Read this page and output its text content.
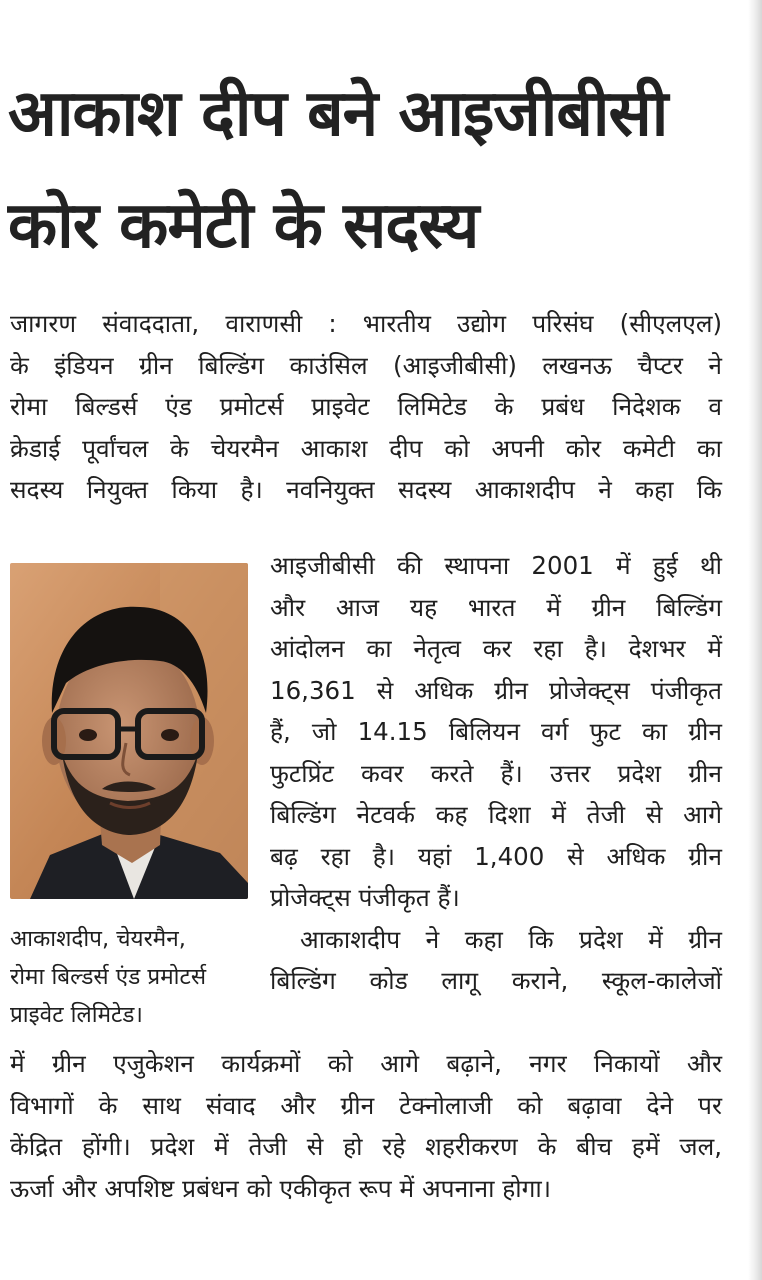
आकाश दीप बने आइजीबीसी
कोर कमेटी के सदस्य
जागरण संवाददाता, वाराणसी : भारतीय उद्योग परिसंघ (सीएलएल)
के इंडियन ग्रीन बिल्डिंग काउंसिल (आइजीबीसी) लखनऊ चैप्टर ने
रोमा बिल्डर्स एंड प्रमोटर्स प्राइवेट लिमिटेड के प्रबंध निदेशक व
क्रेडाई पूर्वांचल के चेयरमैन आकाश दीप को अपनी कोर कमेटी का
सदस्य नियुक्त किया है। नवनियुक्त सदस्य आकाशदीप ने कहा कि
आइजीबीसी की स्थापना 2001 में हुई थी
और आज यह भारत में ग्रीन बिल्डिंग
आंदोलन का नेतृत्व कर रहा है। देशभर में
16,361 से अधिक ग्रीन प्रोजेक्ट्स पंजीकृत
हैं, जो 14.15 बिलियन वर्ग फुट का ग्रीन
फुटप्रिंट कवर करते हैं। उत्तर प्रदेश ग्रीन
बिल्डिंग नेटवर्क कह दिशा में तेजी से आगे
बढ़ रहा है। यहां 1,400 से अधिक ग्रीन
प्रोजेक्ट्स पंजीकृत हैं।
आकाशदीप ने कहा कि प्रदेश में ग्रीन
बिल्डिंग कोड लागू कराने, स्कूल-कालेजों
आकाशदीप, चेयरमैन,
रोमा बिल्डर्स एंड प्रमोटर्स
प्राइवेट लिमिटेड।
में ग्रीन एजुकेशन कार्यक्रमों को आगे बढ़ाने, नगर निकायों और
विभागों के साथ संवाद और ग्रीन टेक्नोलाजी को बढ़ावा देने पर
केंद्रित होंगी। प्रदेश में तेजी से हो रहे शहरीकरण के बीच हमें जल,
ऊर्जा और अपशिष्ट प्रबंधन को एकीकृत रूप में अपनाना होगा।
